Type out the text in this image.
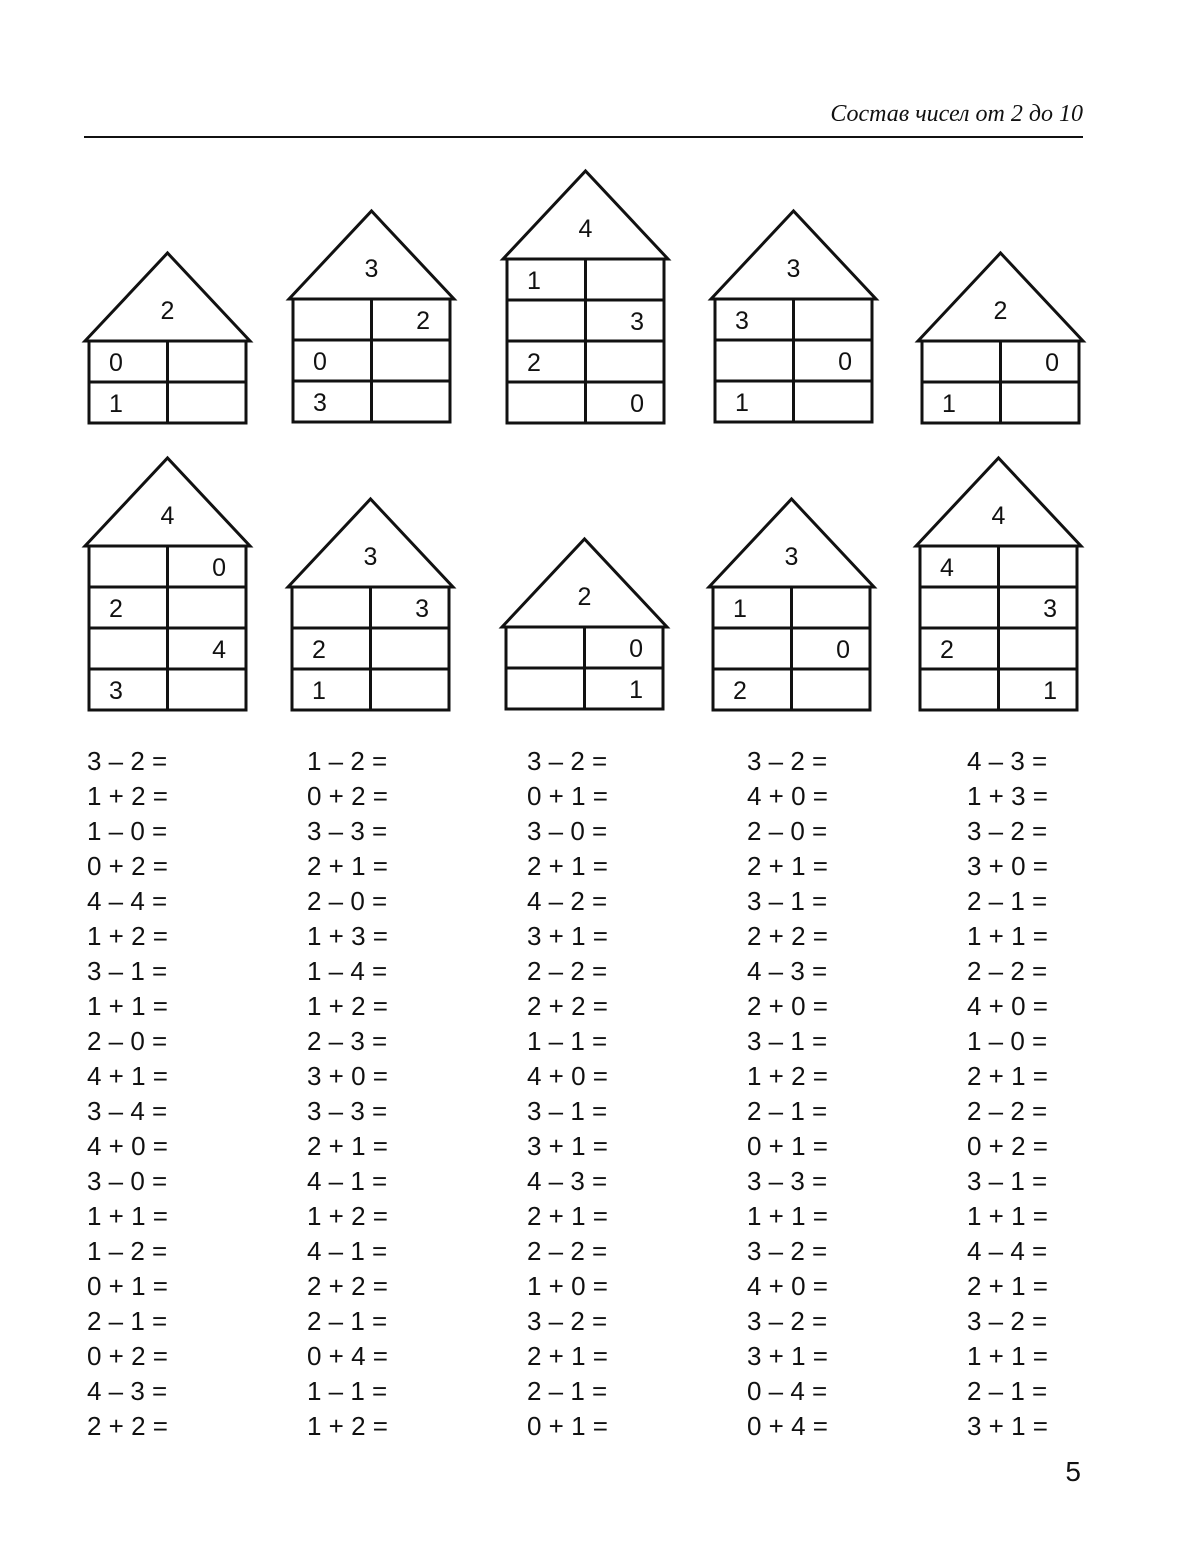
Состав чисел от 2 до 10
2
0
1
3
2
0
3
4
1
3
2
0
3
3
0
1
2
0
1
4
0
2
4
3
3
3
2
1
2
0
1
3
1
0
2
4
4
3
2
1
3 – 2 =
1 + 2 =
1 – 0 =
0 + 2 =
4 – 4 =
1 + 2 =
3 – 1 =
1 + 1 =
2 – 0 =
4 + 1 =
3 – 4 =
4 + 0 =
3 – 0 =
1 + 1 =
1 – 2 =
0 + 1 =
2 – 1 =
0 + 2 =
4 – 3 =
2 + 2 =
1 – 2 =
0 + 2 =
3 – 3 =
2 + 1 =
2 – 0 =
1 + 3 =
1 – 4 =
1 + 2 =
2 – 3 =
3 + 0 =
3 – 3 =
2 + 1 =
4 – 1 =
1 + 2 =
4 – 1 =
2 + 2 =
2 – 1 =
0 + 4 =
1 – 1 =
1 + 2 =
3 – 2 =
0 + 1 =
3 – 0 =
2 + 1 =
4 – 2 =
3 + 1 =
2 – 2 =
2 + 2 =
1 – 1 =
4 + 0 =
3 – 1 =
3 + 1 =
4 – 3 =
2 + 1 =
2 – 2 =
1 + 0 =
3 – 2 =
2 + 1 =
2 – 1 =
0 + 1 =
3 – 2 =
4 + 0 =
2 – 0 =
2 + 1 =
3 – 1 =
2 + 2 =
4 – 3 =
2 + 0 =
3 – 1 =
1 + 2 =
2 – 1 =
0 + 1 =
3 – 3 =
1 + 1 =
3 – 2 =
4 + 0 =
3 – 2 =
3 + 1 =
0 – 4 =
0 + 4 =
4 – 3 =
1 + 3 =
3 – 2 =
3 + 0 =
2 – 1 =
1 + 1 =
2 – 2 =
4 + 0 =
1 – 0 =
2 + 1 =
2 – 2 =
0 + 2 =
3 – 1 =
1 + 1 =
4 – 4 =
2 + 1 =
3 – 2 =
1 + 1 =
2 – 1 =
3 + 1 =
5
